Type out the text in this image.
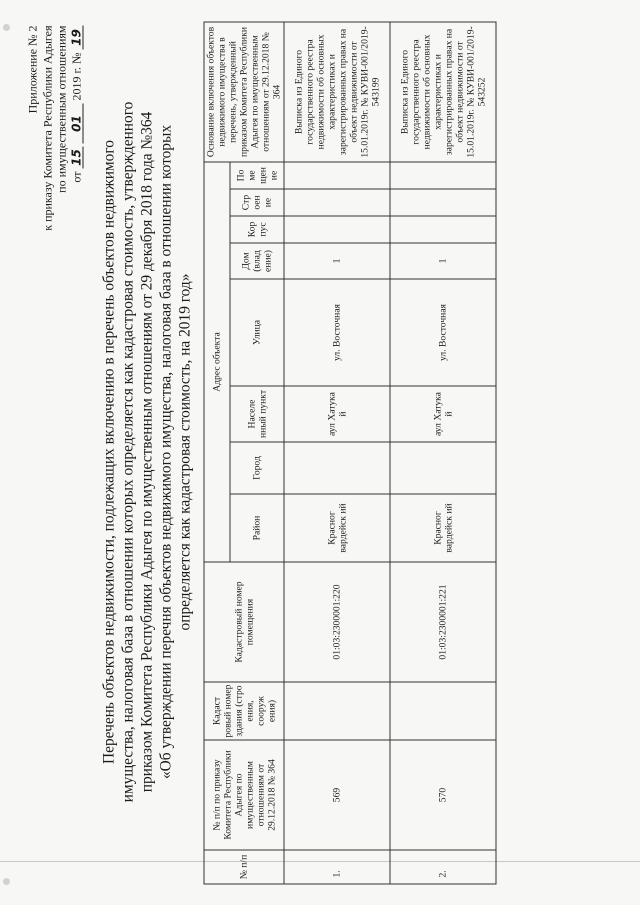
Приложение № 2 к приказу Комитета Республики Адыгея по имущественным отношениям от 15 01 2019 г. № 19
Перечень объектов недвижимости, подлежащих включению в перечень объектов недвижимого имущества, налоговая база в отношении которых определяется как кадастровая стоимость, утвержденного приказом Комитета Республики Адыгея по имущественным отношениям от 29 декабря 2018 года №364 «Об утверждении перечня объектов недвижимого имущества, налоговая база в отношении которых определяется как кадастровая стоимость, на 2019 год»
№ п/п	№ п/п по приказу Комитета Республики Адыгея по имущественным отношениям от 29.12.2018 № 364	Кадаст ровый номер здания (стро ения, сооруж ения)	Кадастровый номер помещения	Адрес объекта								Основание включения объектов недвижимого имущества в перечень, утвержденный приказом Комитета Республики Адыгея по имущественным отношениям от 29.12.2018 № 364
				Район	Город	Населе нный пункт	Улица	Дом (влад ение)	Кор пус	Стр оен ие	По ме щен ие	
1.	569		01:03:2300001:220	Красног вардейск ий		аул Хатука й	ул. Восточная	1				Выписка из Единого государственного реестра недвижимости об основных характеристиках и зарегистрированных правах на объект недвижимости от 15.01.2019г. № КУВИ-001/2019-543199
2.	570		01:03:2300001:221	Красног вардейск ий		аул Хатука й	ул. Восточная	1				Выписка из Единого государственного реестра недвижимости об основных характеристиках и зарегистрированных правах на объект недвижимости от 15.01.2019г. № КУВИ-001/2019-543252
